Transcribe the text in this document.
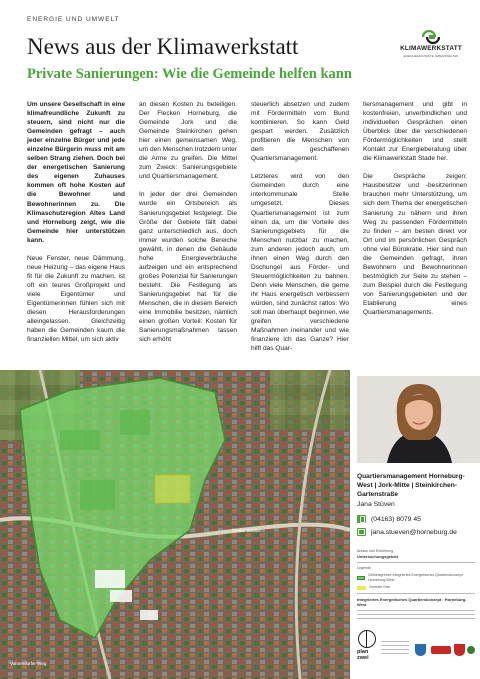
ENERGIE UND UMWELT
News aus der Klimawerkstatt
Private Sanierungen: Wie die Gemeinde helfen kann
KLIMAWERKSTATT
ENERGIEEFFIZIENTE LEBENSWELTEN

Um unsere Gesellschaft in eine klimafreundliche Zukunft zu steuern, sind nicht nur die Gemeinden gefragt – auch jeder einzelne Bürger und jede einzelne Bürgerin muss mit am selben Strang ziehen. Doch bei der energetischen Sanierung des eigenen Zuhauses kommen oft hohe Kosten auf die Bewohner und Bewohnerinnen zu. Die Klimaschutzregion Altes Land und Horneburg zeigt, wie die Gemeinde hier unterstützen kann.

Neue Fenster, neue Dämmung, neue Heizung – das eigene Haus fit für die Zukunft zu machen, ist oft ein teures Großprojekt und viele Eigentümer und Eigentümerinnen fühlen sich mit diesen Herausforderungen alleingelassen. Gleichzeitig haben die Gemeinden kaum die finanziellen Mittel, um sich aktiv

an diesen Kosten zu beteiligen. Der Flecken Horneburg, die Gemeinde Jork und die Gemeinde Steinkirchen gehen hier einen gemeinsamen Weg, um den Menschen trotzdem unter die Arme zu greifen. Die Mittel zum Zweck: Sanierungsgebiete und Quartiersmanagement.

In jeder der drei Gemeinden wurde ein Ortsbereich als Sanierungsgebiet festgelegt. Die Größe der Gebiete fällt dabei ganz unterschiedlich aus, doch immer wurden solche Bereiche gewählt, in denen die Gebäude hohe Energieverbräuche aufzeigen und ein entsprechend großes Potenzial für Sanierungen besteht. Die Festlegung als Sanierungsgebiet hat für die Menschen, die in diesem Bereich eine Immobilie besitzen, nämlich einen großen Vorteil: Kosten für Sanierungsmaßnahmen lassen sich erhöht

steuerlich absetzen und zudem mit Fördermitteln vom Bund kombinieren. So kann Geld gespart werden. Zusätzlich profitieren die Menschen von dem geschaffenen Quartiersmanagement.

Letzteres wird von den Gemeinden durch eine interkommunale Stelle umgesetzt. Dieses Quartiersmanagement ist zum einen da, um die Vorteile des Sanierungsgebiets für die Menschen nutzbar zu machen, zum anderen jedoch auch, um ihnen einen Weg durch den Dschungel aus Förder- und Steuermöglichkeiten zu bahnen. Denn viele Menschen, die gerne ihr Haus energetisch verbessern würden, sind zunächst ratlos: Wo soll man überhaupt beginnen, wie greifen verschiedene Maßnahmen ineinander und wie finanziere ich das Ganze? Hier hilft das Quar-

tiersmanagement und gibt in kostenfreien, unverbindlichen und individuellen Gesprächen einen Überblick über die verschiedenen Fördermöglichkeiten und stellt Kontakt zur Energieberatung über die Klimawerkstatt Stade her.

Die Gespräche zeigen: Hausbesitzer und -besitzerinnen brauchen mehr Unterstützung, um sich dem Thema der energetischen Sanierung zu nähern und ihren Weg zu passenden Fördermitteln zu finden – am besten direkt vor Ort und im persönlichen Gespräch ohne viel Bürokratie. Hier sind nun die Gemeinden gefragt, ihren Bewohnern und Bewohnerinnen bestmöglich zur Seite zu stehen – zum Beispiel durch die Festlegung von Sanierungsgebieten und der Etablierung eines Quartiersmanagements.

Vahrendorfer Weg
Stader Straße
Quartiersmanagement Horneburg-West | Jork-Mitte | Steinkirchen-Gartenstraße
Jana Stüven
(04163) 8079 45
jana.stueven@horneburg.de
Anlass und Einführung
Untersuchungsgebiet
Legende
Gebietsgrenze Integriertes Energetisches Quartierskonzept Horneburg-West
Zentrale Orte
Integriertes Energetisches Quartierskonzept · Horneburg-West
plan
zwei
